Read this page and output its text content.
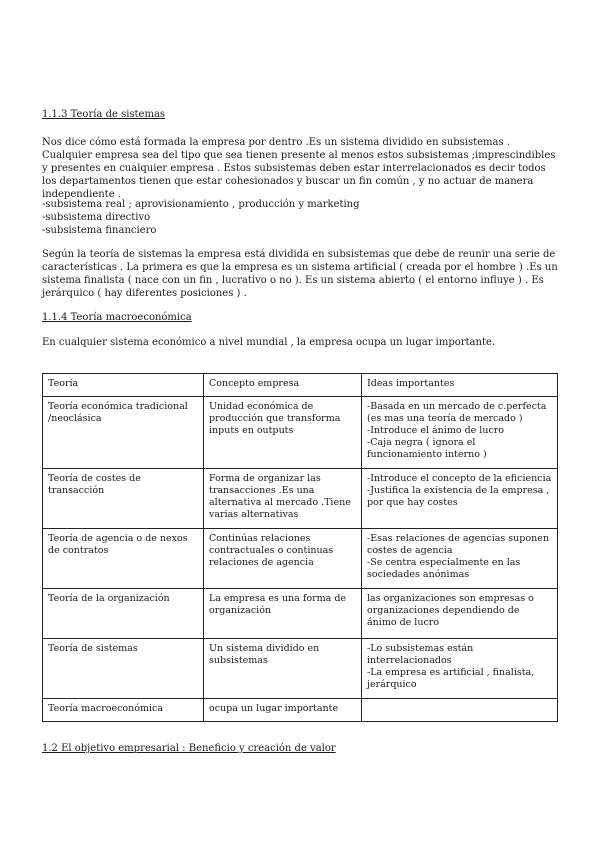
1.1.3 Teoría de sistemas

Nos dice cómo está formada la empresa por dentro .Es un sistema dividido en subsistemas . Cualquier empresa sea del tipo que sea tienen presente al menos estos subsistemas ;imprescindibles y presentes en cualquier empresa . Estos subsistemas deben estar interrelacionados es decir todos los departamentos tienen que estar cohesionados y buscar un fin común , y no actuar de manera independiente .

-subsistema real ; aprovisionamiento , producción y marketing
-subsistema directivo
-subsistema financiero

Según la teoría de sistemas la empresa está dividida en subsistemas que debe de reunir una serie de características . La primera es que la empresa es un sistema artificial ( creada por el hombre ) .Es un sistema finalista ( nace con un fin , lucrativo o no ). Es un sistema abierto ( el entorno influye ) . Es jerárquico ( hay diferentes posiciones ) .

1.1.4 Teoría macroeconómica

En cualquier sistema económico a nivel mundial , la empresa ocupa un lugar importante.

Teoría	Concepto empresa	Ideas importantes
Teoría económica tradicional /neoclásica	Unidad económica de producción que transforma inputs en outputs	-Basada en un mercado de c.perfecta (es mas una teoría de mercado )
-Introduce el ánimo de lucro
-Caja negra ( ignora el funcionamiento interno )

Teoría de costes de transacción	Forma de organizar las transacciones .Es una alternativa al mercado .Tiene varias alternativas	-Introduce el concepto de la eficiencia
-Justifica la existencia de la empresa , por que hay costes

Teoría de agencia o de nexos de contratos	Continúas relaciones contractuales o continuas relaciones de agencia	-Esas relaciones de agencias suponen costes de agencia
-Se centra especialmente en las sociedades anónimas

Teoría de la organización	La empresa es una forma de organización	las organizaciones son empresas o organizaciones dependiendo de ánimo de lucro

Teoría de sistemas	Un sistema dividido en subsistemas	-Lo subsistemas están interrelacionados
-La empresa es artificial , finalista, jerárquico

Teoría macroeconómica	ocupa un lugar importante	

1.2 El objetivo empresarial : Beneficio y creación de valor
